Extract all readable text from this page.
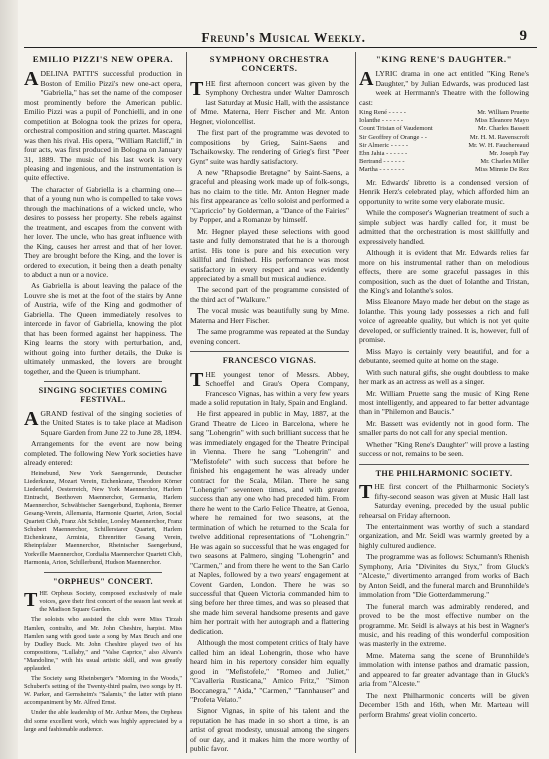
Freund's Musical Weekly.	9
EMILIO PIZZI'S NEW OPERA.

ADELINA PATTI'S successful production in Boston of Emilio Pizzi's new one-act opera, "Gabriella," has set the name of the composer most prominently before the American public. Emilio Pizzi was a pupil of Ponchielli, and in one competition at Bologna took the prizes for opera, orchestral composition and string quartet. Mascagni was then his rival. His opera, "William Ratcliff," in four acts, was first produced in Bologna on January 31, 1889. The music of his last work is very pleasing and ingenious, and the instrumentation is quite effective.

The character of Gabriella is a charming one—that of a young nun who is compelled to take vows through the machinations of a wicked uncle, who desires to possess her property. She rebels against the treatment, and escapes from the convent with her lover. The uncle, who has great influence with the King, causes her arrest and that of her lover. They are brought before the King, and the lover is ordered to execution, it being then a death penalty to abduct a nun or a novice.

As Gabriella is about leaving the palace of the Louvre she is met at the foot of the stairs by Anne of Austria, wife of the King and godmother of Gabriella. The Queen immediately resolves to intercede in favor of Gabriella, knowing the plot that has been formed against her happiness. The King learns the story with perturbation, and, without going into further details, the Duke is ultimately unmasked, the lovers are brought together, and the Queen is triumphant.

SINGING SOCIETIES COMING FESTIVAL.

AGRAND festival of the singing societies of the United States is to take place at Madison Square Garden from June 22 to June 28, 1894.

Arrangements for the event are now being completed. The following New York societies have already entered:

Heinebund, New York Saengerrunde, Deutscher Liederkranz, Mozart Verein, Eichenkranz, Theodore Körner Liedertafel, Oesterreich, New York Maennerchor, Harlem Eintracht, Beethoven Maennerchor, Germania, Harlem Maennerchor, Schwäbischer Saengerbund, Euphonia, Bremer Gesang-Verein, Allemania, Harmonie Quartet, Arion, Social Quartett Club, Franz Abt Schüler, Lorsley Maennerchor, Franz Schubert Maennerchor, Schillerstarer Quartett, Harlem Eichenkranz, Arminia, Ehrenritter Gesang Verein, Rheinpfalzer Maennerchor, Rheinischer Saengerbund, Yorkville Maennerchor, Cordialia Maennerchor Quartett Club, Harmonia, Arion, Schillerbund, Hudson Maennerchor.

"ORPHEUS" CONCERT.

THE Orpheus Society, composed exclusively of male voices, gave their first concert of the season last week at the Madison Square Garden.

The soloists who assisted the club were Miss Tirzah Hamlen, contralto, and Mr. John Cheshire, harpist. Miss Hamlen sang with good taste a song by Max Bruch and one by Dudley Buck. Mr. John Cheshire played two of his compositions, "Lullaby," and "Valse Caprice," also Alvars's "Mandoline," with his usual artistic skill, and was greatly applauded.

The Society sang Rheinberger's "Morning in the Woods," Schubert's setting of the Twenty-third psalm, two songs by H. W. Parker, and Gernsheim's "Salamis," the latter with piano accompaniment by Mr. Alfred Ernst.

Under the able leadership of Mr. Arthur Mees, the Orpheus did some excellent work, which was highly appreciated by a large and fashionable audience.

SYMPHONY ORCHESTRA CONCERTS.

THE first afternoon concert was given by the Symphony Orchestra under Walter Damrosch last Saturday at Music Hall, with the assistance of Mme. Materna, Herr Fischer and Mr. Anton Hegner, violoncellist.

The first part of the programme was devoted to compositions by Grieg, Saint-Saens and Tschaikowsky. The rendering of Grieg's first "Peer Gynt" suite was hardly satisfactory.

A new "Rhapsodie Bretagne" by Saint-Saens, a graceful and pleasing work made up of folk-songs, has no claim to the title. Mr. Anton Hegner made his first appearance as 'cello soloist and performed a "Capriccio" by Golderman, a "Dance of the Fairies" by Popper, and a Romanze by himself.

Mr. Hegner played these selections with good taste and fully demonstrated that he is a thorough artist. His tone is pure and his execution very skillful and finished. His performance was most satisfactory in every respect and was evidently appreciated by a small but musical audience.

The second part of the programme consisted of the third act of "Walkure."

The vocal music was beautifully sung by Mme. Materna and Herr Fischer.

The same programme was repeated at the Sunday evening concert.

FRANCESCO VIGNAS.

THE youngest tenor of Messrs. Abbey, Schoeffel and Grau's Opera Company, Francesco Vignas, has within a very few years made a solid reputation in Italy, Spain and England.

He first appeared in public in May, 1887, at the Grand Theatre de Liceo in Barcelona, where he sang "Lohengrin" with such brilliant success that he was immediately engaged for the Theatre Principal in Vienna. There he sang "Lohengrin" and "Mefistofele" with such success that before he finished his engagement he was already under contract for the Scala, Milan. There he sang "Lohengrin" seventeen times, and with greater success than any one who had preceded him. From there he went to the Carlo Felice Theatre, at Genoa, where he remained for two seasons, at the termination of which he returned to the Scala for twelve additional representations of "Lohengrin." He was again so successful that he was engaged for two seasons at Palmero, singing "Lohengrin" and "Carmen," and from there he went to the San Carlo at Naples, followed by a two years' engagement at Covent Garden, London. There he was so successful that Queen Victoria commanded him to sing before her three times, and was so pleased that she made him several handsome presents and gave him her portrait with her autograph and a flattering dedication.

Although the most competent critics of Italy have called him an ideal Lohengrin, those who have heard him in his repertory consider him equally good in "Mefistofele," "Romeo and Juliet," "Cavalleria Rusticana," Amico Fritz," "Simon Boccanegra," "Aida," "Carmen," "Tannhauser" and "Profeta Velato."

Signor Vignas, in spite of his talent and the reputation he has made in so short a time, is an artist of great modesty, unusual among the singers of our day, and it makes him the more worthy of public favor.

"KING RENE'S DAUGHTER."

ALYRIC drama in one act entitled "King Rene's Daughter," by Julian Edwards, was produced last week at Herrmann's Theatre with the following cast:

King René - - - - -	Mr. William Pruette
Iolanthe - - - - - -	Miss Eleanore Mayo
Count Tristan of Vaudemont	Mr. Charles Bassett
Sir Geoffrey of Orange - -	Mr. H. M. Ravenscroft
Sir Almeric - - - - -	Mr. W. H. Fauchereaud
Ebn Jahia - - - - - -	Mr. Joseph Fay
Bertrand - - - - - -	Mr. Charles Miller
Martha - - - - - - -	Miss Minnie De Rez

Mr. Edwards' libretto is a condensed version of Henrik Herz's celebrated play, which afforded him an opportunity to write some very elaborate music.

While the composer's Wagnerian treatment of such a simple subject was hardly called for, it must be admitted that the orchestration is most skillfully and expressively handled.

Although it is evident that Mr. Edwards relies far more on his instrumental rather than on melodious effects, there are some graceful passages in this composition, such as the duet of Iolanthe and Tristan, the King's and Iolanthe's solos.

Miss Eleanore Mayo made her debut on the stage as Iolanthe. This young lady possesses a rich and full voice of agreeable quality, but which is not yet quite developed, or sufficiently trained. It is, however, full of promise.

Miss Mayo is certainly very beautiful, and for a debutante, seemed quite at home on the stage.

With such natural gifts, she ought doubtless to make her mark as an actress as well as a singer.

Mr. William Pruette sang the music of King Rene most intelligently, and appeared to far better advantage than in "Philemon and Baucis."

Mr. Bassett was evidently not in good form. The smaller parts do not call for any special mention.

Whether "King Rene's Daughter" will prove a lasting success or not, remains to be seen.

THE PHILHARMONIC SOCIETY.

THE first concert of the Philharmonic Society's fifty-second season was given at Music Hall last Saturday evening, preceded by the usual public rehearsal on Friday afternoon.

The entertainment was worthy of such a standard organization, and Mr. Seidl was warmly greeted by a highly cultured audience.

The programme was as follows: Schumann's Rhenish Symphony, Aria "Divinites du Styx," from Gluck's "Alceste," divertimento arranged from works of Bach by Anton Seidl, and the funeral march and Brunnhilde's immolation from "Die Gotterdammerung."

The funeral march was admirably rendered, and proved to be the most effective number on the programme. Mr. Seidl is always at his best in Wagner's music, and his reading of this wonderful composition was masterly in the extreme.

Mme. Materna sang the scene of Brunnhilde's immolation with intense pathos and dramatic passion, and appeared to far greater advantage than in Gluck's aria from "Alceste."

The next Philharmonic concerts will be given December 15th and 16th, when Mr. Marteau will perform Brahms' great violin concerto.
